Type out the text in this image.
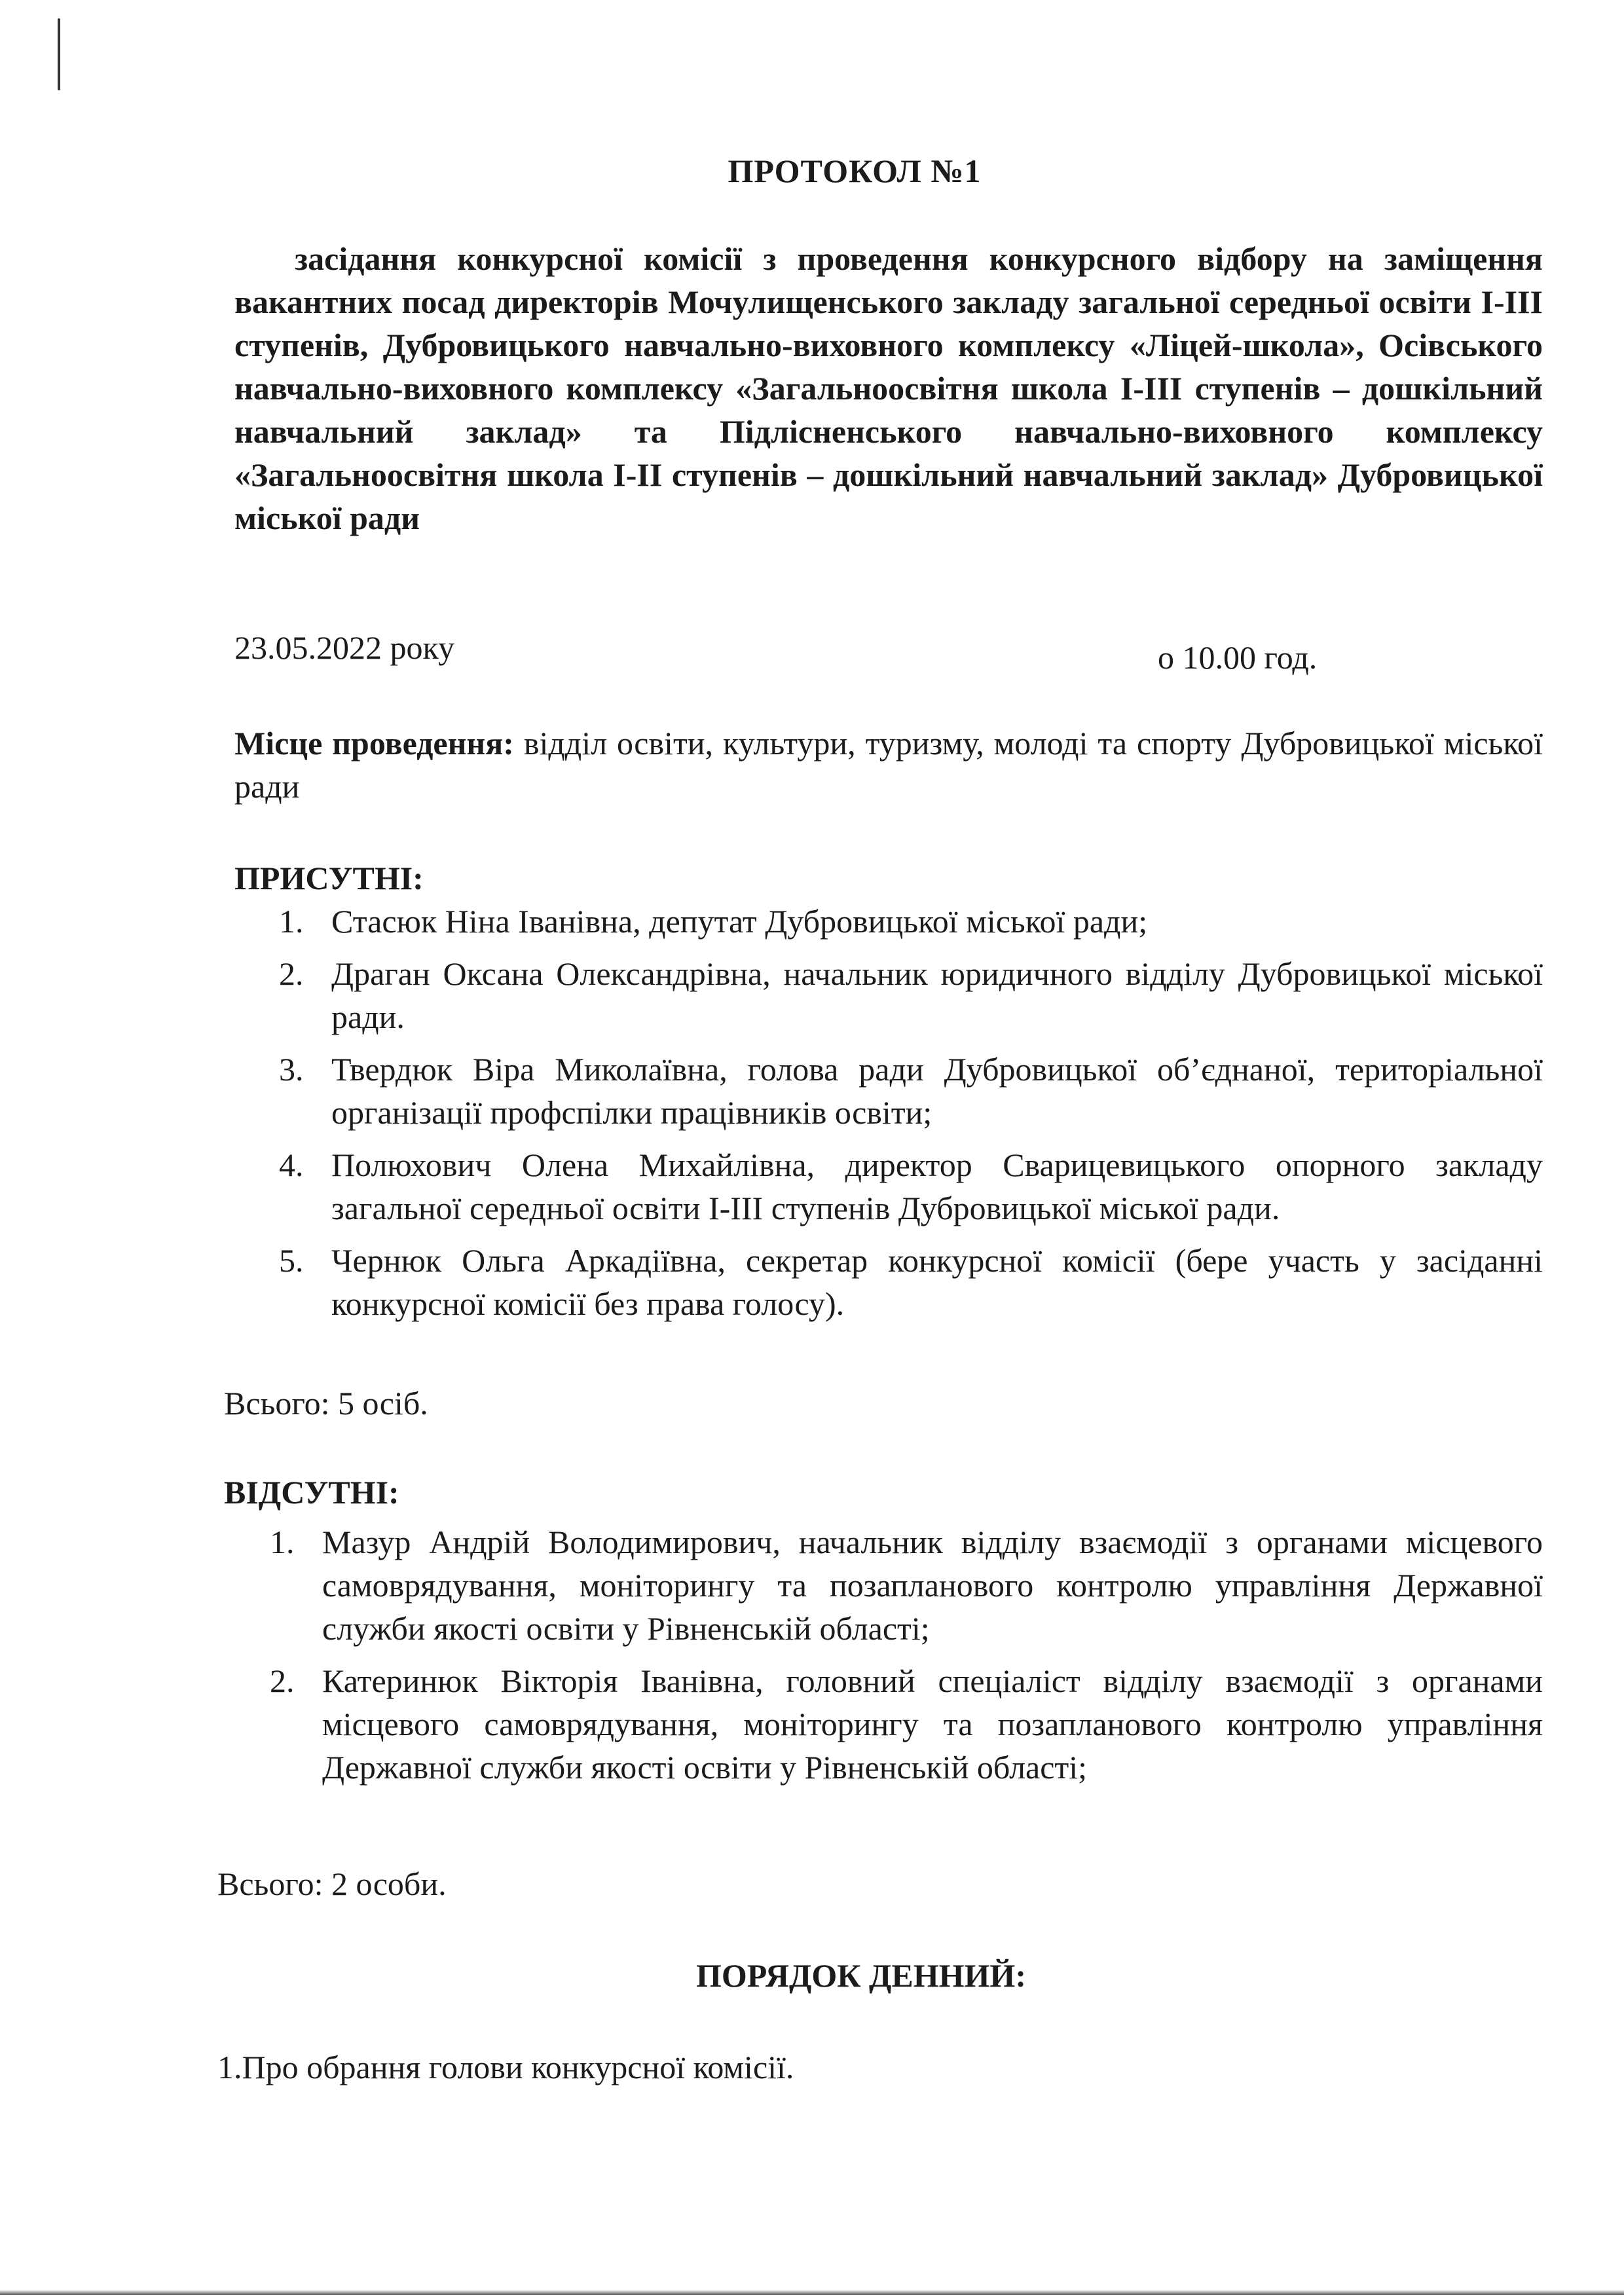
ПРОТОКОЛ №1

засідання конкурсної комісії з проведення конкурсного відбору на заміщення вакантних посад директорів Мочулищенського закладу загальної середньої освіти І-ІІІ ступенів, Дубровицького навчально-виховного комплексу «Ліцей-школа», Осівського навчально-виховного комплексу «Загальноосвітня школа І-ІІІ ступенів – дошкільний навчальний заклад» та Підлісненського навчально-виховного комплексу «Загальноосвітня школа І-ІІ ступенів – дошкільний навчальний заклад» Дубровицької міської ради

23.05.2022 року	о 10.00 год.

Місце проведення: відділ освіти, культури, туризму, молоді та спорту Дубровицької міської ради

ПРИСУТНІ:
1. Стасюк Ніна Іванівна, депутат Дубровицької міської ради;
2. Драган Оксана Олександрівна, начальник юридичного відділу Дубровицької міської ради.
3. Твердюк Віра Миколаївна, голова ради Дубровицької об’єднаної, територіальної організації профспілки працівників освіти;
4. Полюхович Олена Михайлівна, директор Сварицевицького опорного закладу загальної середньої освіти І-ІІІ ступенів Дубровицької міської ради.
5. Чернюк Ольга Аркадіївна, секретар конкурсної комісії (бере участь у засіданні конкурсної комісії без права голосу).

Всього: 5 осіб.

ВІДСУТНІ:
1. Мазур Андрій Володимирович, начальник відділу взаємодії з органами місцевого самоврядування, моніторингу та позапланового контролю управління Державної служби якості освіти у Рівненській області;
2. Катеринюк Вікторія Іванівна, головний спеціаліст відділу взаємодії з органами місцевого самоврядування, моніторингу та позапланового контролю управління Державної служби якості освіти у Рівненській області;

Всього: 2 особи.

ПОРЯДОК ДЕННИЙ:

1.Про обрання голови конкурсної комісії.
